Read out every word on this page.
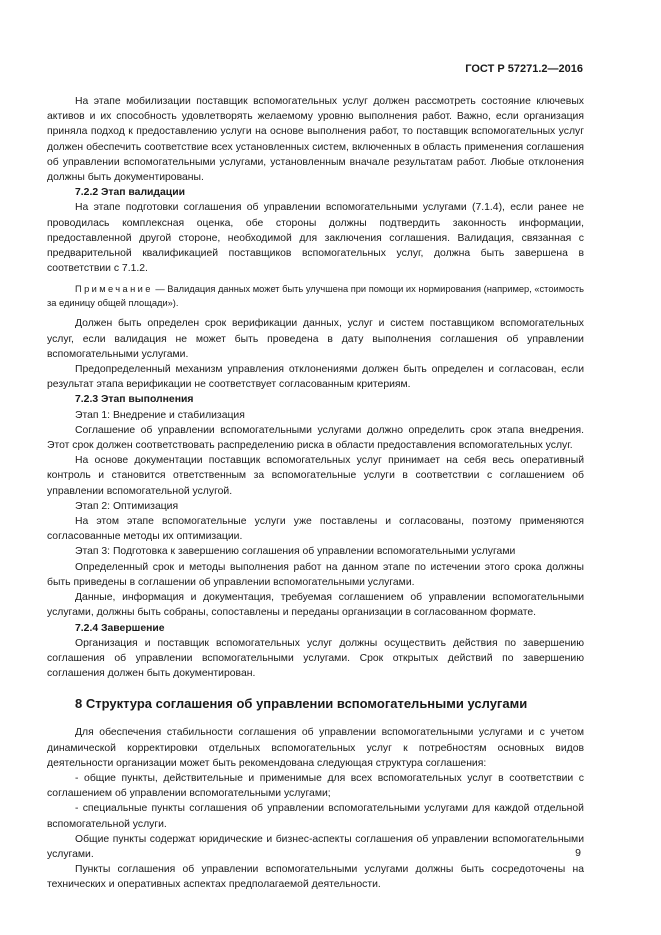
ГОСТ Р 57271.2—2016

На этапе мобилизации поставщик вспомогательных услуг должен рассмотреть состояние ключевых активов и их способность удовлетворять желаемому уровню выполнения работ. Важно, если организация приняла подход к предоставлению услуги на основе выполнения работ, то поставщик вспомогательных услуг должен обеспечить соответствие всех установленных систем, включенных в область применения соглашения об управлении вспомогательными услугами, установленным вначале результатам работ. Любые отклонения должны быть документированы.

7.2.2 Этап валидации

На этапе подготовки соглашения об управлении вспомогательными услугами (7.1.4), если ранее не проводилась комплексная оценка, обе стороны должны подтвердить законность информации, предоставленной другой стороне, необходимой для заключения соглашения. Валидация, связанная с предварительной квалификацией поставщиков вспомогательных услуг, должна быть завершена в соответствии с 7.1.2.

Примечание — Валидация данных может быть улучшена при помощи их нормирования (например, «стоимость за единицу общей площади»).

Должен быть определен срок верификации данных, услуг и систем поставщиком вспомогательных услуг, если валидация не может быть проведена в дату выполнения соглашения об управлении вспомогательными услугами.

Предопределенный механизм управления отклонениями должен быть определен и согласован, если результат этапа верификации не соответствует согласованным критериям.

7.2.3 Этап выполнения

Этап 1: Внедрение и стабилизация

Соглашение об управлении вспомогательными услугами должно определить срок этапа внедрения. Этот срок должен соответствовать распределению риска в области предоставления вспомогательных услуг.

На основе документации поставщик вспомогательных услуг принимает на себя весь оперативный контроль и становится ответственным за вспомогательные услуги в соответствии с соглашением об управлении вспомогательной услугой.

Этап 2: Оптимизация

На этом этапе вспомогательные услуги уже поставлены и согласованы, поэтому применяются согласованные методы их оптимизации.

Этап 3: Подготовка к завершению соглашения об управлении вспомогательными услугами

Определенный срок и методы выполнения работ на данном этапе по истечении этого срока должны быть приведены в соглашении об управлении вспомогательными услугами.

Данные, информация и документация, требуемая соглашением об управлении вспомогательными услугами, должны быть собраны, сопоставлены и переданы организации в согласованном формате.

7.2.4 Завершение

Организация и поставщик вспомогательных услуг должны осуществить действия по завершению соглашения об управлении вспомогательными услугами. Срок открытых действий по завершению соглашения должен быть документирован.

8 Структура соглашения об управлении вспомогательными услугами

Для обеспечения стабильности соглашения об управлении вспомогательными услугами и с учетом динамической корректировки отдельных вспомогательных услуг к потребностям основных видов деятельности организации может быть рекомендована следующая структура соглашения:

- общие пункты, действительные и применимые для всех вспомогательных услуг в соответствии с соглашением об управлении вспомогательными услугами;

- специальные пункты соглашения об управлении вспомогательными услугами для каждой отдельной вспомогательной услуги.

Общие пункты содержат юридические и бизнес-аспекты соглашения об управлении вспомогательными услугами.

Пункты соглашения об управлении вспомогательными услугами должны быть сосредоточены на технических и оперативных аспектах предполагаемой деятельности.

9
